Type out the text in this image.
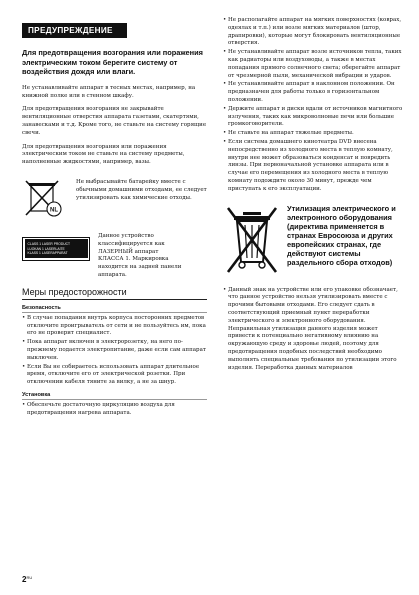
ПРЕДУПРЕЖДЕНИЕ
Для предотвращения возгорания или поражения электрическим током берегите систему от воздействия дождя или влаги.

Не устанавливайте аппарат в тесных местах, например, на книжной полке или в стенном шкафу.

Для предотвращения возгорания не закрывайте вентиляционные отверстия аппарата газетами, скатертями, занавесками и т.д. Кроме того, не ставьте на систему горящие свечи.

Для предотвращения возгорания или поражения электрическим током не ставьте на систему предметы, наполненные жидкостями, например, вазы.

NL

Не выбрасывайте батарейку вместе с обычными домашними отходами, ее следует утилизировать как химические отходы.

CLASS 1 LASER PRODUCT
LUOKAN 1 LASERLAITE
KLASS 1 LASERAPPARAT

Данное устройство классифицируется как ЛАЗЕРНЫЙ аппарат КЛАССА 1. Маркировка находится на задней панели аппарата.

Меры предосторожности
Безопасность
• В случае попадания внутрь корпуса посторонних предметов отключите проигрыватель от сети и не пользуйтесь им, пока его не проверит специалист.
• Пока аппарат включен в электророзетку, на него по-прежнему подается электропитание, даже если сам аппарат выключен.
• Если Вы не собираетесь использовать аппарат длительное время, отключите его от электрической розетки. При отключении кабеля тяните за вилку, а не за шнур.
Установка
• Обеспечьте достаточную циркуляцию воздуха для предотвращения нагрева аппарата.
• Не располагайте аппарат на мягких поверхностях (коврах, одеялах и т.п.) или возле мягких материалов (штор, драпировки), которые могут блокировать вентиляционные отверстия.
• Не устанавливайте аппарат возле источников тепла, таких как радиаторы или воздуховоды, а также в местах попадания прямого солнечного света; оберегайте аппарат от чрезмерной пыли, механической вибрации и ударов.
• Не устанавливайте аппарат в наклонном положении. Он предназначен для работы только в горизонтальном положении.
• Держите аппарат и диски вдали от источников магнитного излучения, таких как микроволновые печи или большие громкоговорители.
• Не ставьте на аппарат тяжелые предметы.
• Если система домашнего кинотеатра DVD внесена непосредственно из холодного места в теплую комнату, внутри нее может образоваться конденсат и повредить линзы. При первоначальной установке аппарата или в случае его перемещения из холодного места в теплую комнату подождите около 30 минут, прежде чем приступать к его эксплуатации.
Утилизация электрического и электронного оборудования (директива применяется в странах Евросоюза и других европейских странах, где действуют системы раздельного сбора отходов)
• Данный знак на устройстве или его упаковке обозначает, что данное устройство нельзя утилизировать вместе с прочими бытовыми отходами. Его следует сдать в соответствующий приемный пункт переработки электрического и электронного оборудования. Неправильная утилизация данного изделия может привести к потенциально негативному влиянию на окружающую среду и здоровье людей, поэтому для предотвращения подобных последствий необходимо выполнять специальные требования по утилизации этого изделия. Переработка данных материалов
$2^{RU}$
